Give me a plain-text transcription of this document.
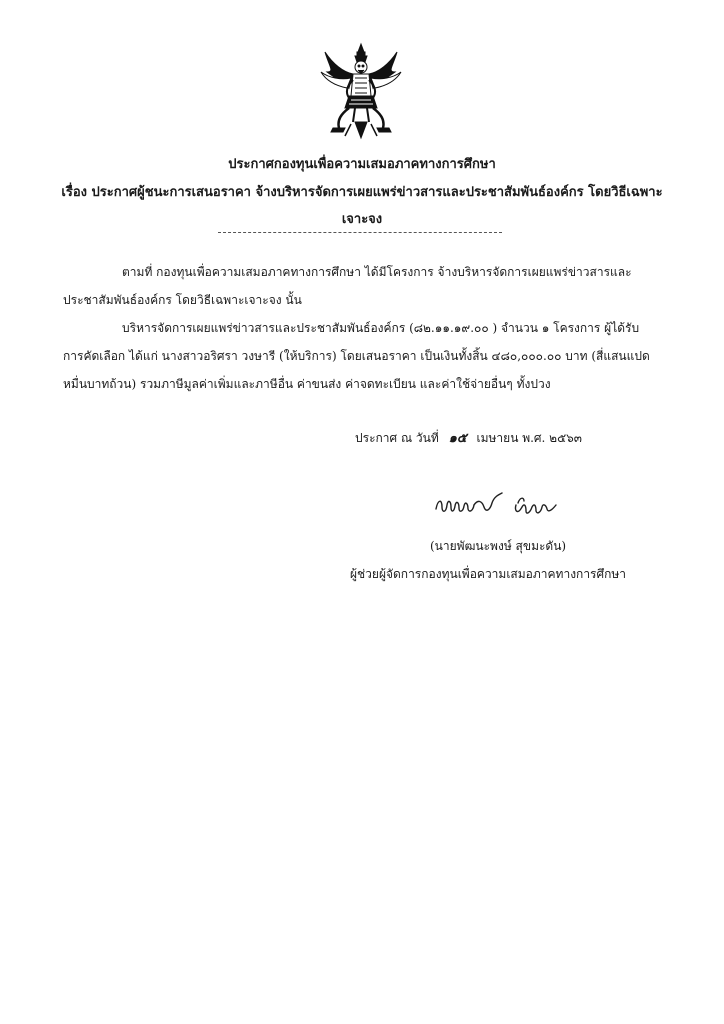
ประกาศกองทุนเพื่อความเสมอภาคทางการศึกษา
เรื่อง ประกาศผู้ชนะการเสนอราคา จ้างบริหารจัดการเผยแพร่ข่าวสารและประชาสัมพันธ์องค์กร โดยวิธีเฉพาะ
เจาะจง
ตามที่ กองทุนเพื่อความเสมอภาคทางการศึกษา ได้มีโครงการ จ้างบริหารจัดการเผยแพร่ข่าวสารและ
ประชาสัมพันธ์องค์กร โดยวิธีเฉพาะเจาะจง นั้น
บริหารจัดการเผยแพร่ข่าวสารและประชาสัมพันธ์องค์กร (๘๒.๑๑.๑๙.๐๐ ) จำนวน ๑ โครงการ ผู้ได้รับ
การคัดเลือก ได้แก่ นางสาวอริศรา วงษารี (ให้บริการ) โดยเสนอราคา เป็นเงินทั้งสิ้น ๔๘๐,๐๐๐.๐๐ บาท (สี่แสนแปด
หมื่นบาทถ้วน) รวมภาษีมูลค่าเพิ่มและภาษีอื่น ค่าขนส่ง ค่าจดทะเบียน และค่าใช้จ่ายอื่นๆ ทั้งปวง
ประกาศ ณ วันที่ ๑๕ เมษายน พ.ศ. ๒๕๖๓
(นายพัฒนะพงษ์ สุขมะดัน)
ผู้ช่วยผู้จัดการกองทุนเพื่อความเสมอภาคทางการศึกษา
